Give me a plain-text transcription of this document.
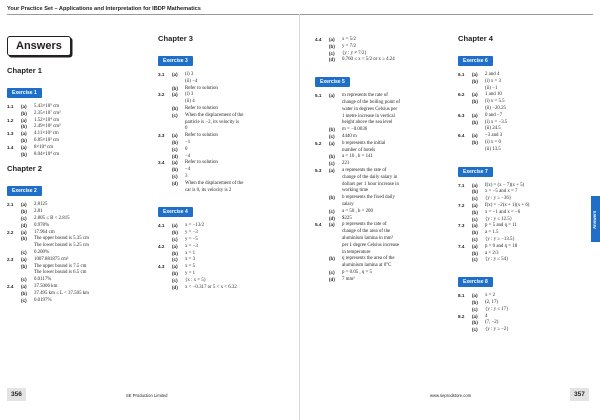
Your Practice Set – Applications and Interpretation for IBDP Mathematics
Answers
Chapter 1
Exercise 1
1.1	(a)	5.43×10⁵ cm
(b)	2.35×10⁷ cm²
1.2	(a)	1.52×10⁴ cm
(b)	2.49×10⁶ cm²
1.3	(a)	4.11×10³ cm
(b)	6.85×10³ cm
1.4	(a)	8×10⁴ cm
(b)	8.04×10⁴ cm
Chapter 2
Exercise 2
2.1	(a)	2.8125
(b)	2.81
(c)	2.805 ≤ B < 2.815
(d)	0.978%
2.2	(a)	17.964 cm
(b)	The upper bound is 5.35 cm
The lower bound is 5.25 cm
(c)	0.200%
2.3	(a)	1007.881875 cm²
(b)	The upper bound is 7.5 cm
The lower bound is 6.5 cm
(c)	0.0117%
2.4	(a)	37.5006 km
(b)	37.495 km ≤ L < 37.505 km
(c)	0.0197%
Chapter 3
Exercise 3
3.1	(a)	(i) 3
(ii) −4
(b)	Refer to solution
3.2	(a)	(i) 3
(ii) 4
(b)	Refer to solution
(c)	When the displacement of the
particle is −2, its velocity is
0
3.3	(a)	Refer to solution
(b)	−1
(c)	0
(d)	−4
3.4	(a)	Refer to solution
(b)	−4
(c)	3
(d)	When the displacement of the
car is 0, its velocity is 2
Exercise 4
4.1	(a)	x = −13/2
(b)	y = −3
(c)	y = −5
4.2	(a)	x = −3
(b)	x = 1
(c)	x = 3
4.3	(a)	x = 5
(b)	y = 1
(c)	{x : x = 5}
(d)	x < −0.317 or 5 < x < 6.32
4.4	(a)	x = 5/2
(b)	y = 7/2
(c)	{y : y ≠ 7/2}
(d)	0.760 ≤ x < 5/2 or x ≥ 4.24
Exercise 5
5.1	(a)	m represents the rate of
change of the boiling point of
water in degrees Celsius per
1 metre increase in vertical
height above the sea level
(b)	m = −0.0036
(c)	4440 m
5.2	(a)	b represents the initial
number of hotels
(b)	a = 10 , b = 141
(c)	221
5.3	(a)	a represents the rate of
change of the daily salary in
dollars per 1 hour increase in
working time
(b)	b represents the fixed daily
salary
(c)	a = 50 , b = 200
(d)	$225
5.4	(a)	p represents the rate of
change of the area of the
aluminium lamina in mm²
per 1 degree Celsius increase
in temperature
(b)	q represents the area of the
aluminium lamina at 0°C
(c)	p = 0.05 , q = 5
(d)	7 mm²
Chapter 4
Exercise 6
6.1	(a)	2 and 4
(b)	(i) x = 3
(ii) −1
6.2	(a)	1 and 10
(b)	(i) x = 5.5
(ii) −20.25
6.3	(a)	0 and −7
(b)	(i) x = −3.5
(ii) 24.5
6.4	(a)	−3 and 3
(b)	(i) x = 0
(ii) 13.5
Exercise 7
7.1	(a)	f(x) = (x − 7)(x + 5)
(b)	x = −5 and x = 7
(c)	{y : y ≥ −36}
7.2	(a)	f(x) = −2(x + 1)(x + 6)
(b)	x = −1 and x = −6
(c)	{y : y ≤ 12.5}
7.3	(a)	p = 5 and q = 11
(b)	a = 1.5
(c)	{y : y ≥ −13.5}
7.4	(a)	p = 0 and q = 18
(b)	a = 2/3
(c)	{y : y ≤ 54}
Exercise 8
8.1	(a)	x = 2
(b)	(2, 17)
(c)	{y : y ≤ 17}
8.2	(a)	4
(b)	(7, −2)
(c)	{y : y ≥ −2}
Answers
356	SE Production Limited	www.seprodstore.com	357
